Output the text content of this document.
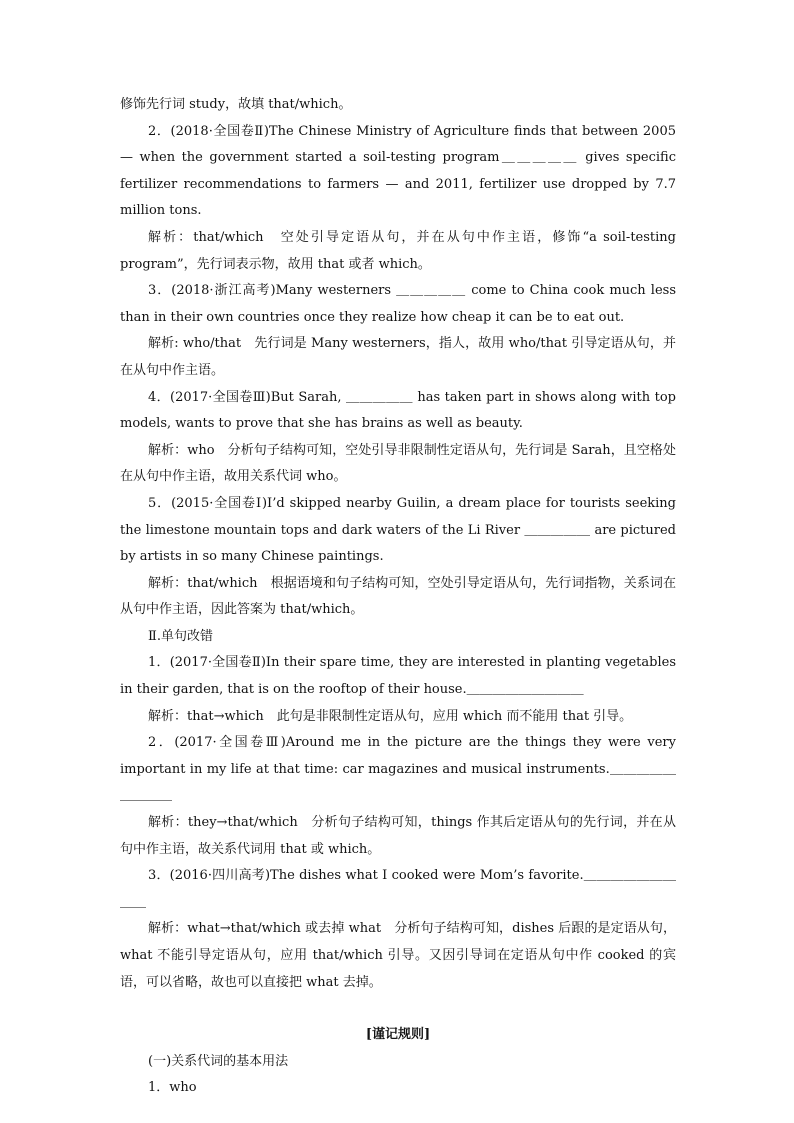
修饰先行词 study，故填 that/which。

2．(2018·全国卷Ⅱ)The Chinese Ministry of Agriculture finds that between 2005 — when the government started a soil-testing program＿＿＿＿＿ gives specific fertilizer recommendations to farmers — and 2011, fertilizer use dropped by 7.7 million tons.

解析：that/which　空处引导定语从句，并在从句中作主语，修饰“a soil-testing program”，先行词表示物，故用 that 或者 which。

3．(2018·浙江高考)Many westerners ＿＿＿＿＿ come to China cook much less than in their own countries once they realize how cheap it can be to eat out.

解析: who/that　先行词是 Many westerners，指人，故用 who/that 引导定语从句，并在从句中作主语。

4．(2017·全国卷Ⅲ)But Sarah, ＿＿＿＿＿ has taken part in shows along with top models, wants to prove that she has brains as well as beauty.

解析：who　分析句子结构可知，空处引导非限制性定语从句，先行词是 Sarah，且空格处在从句中作主语，故用关系代词 who。

5．(2015·全国卷Ⅰ)I’d skipped nearby Guilin, a dream place for tourists seeking the limestone mountain tops and dark waters of the Li River ＿＿＿＿＿ are pictured by artists in so many Chinese paintings.

解析：that/which　根据语境和句子结构可知，空处引导定语从句，先行词指物，关系词在从句中作主语，因此答案为 that/which。

Ⅱ.单句改错

1．(2017·全国卷Ⅱ)In their spare time, they are interested in planting vegetables in their garden, that is on the rooftop of their house.＿＿＿＿＿＿＿＿＿

解析：that→which　此句是非限制性定语从句，应用 which 而不能用 that 引导。

2．(2017·全国卷Ⅲ)Around me in the picture are the things they were very important in my life at that time: car magazines and musical instruments.＿＿＿＿＿＿＿＿＿

解析：they→that/which　分析句子结构可知，things 作其后定语从句的先行词，并在从句中作主语，故关系代词用 that 或 which。

3．(2016·四川高考)The dishes what I cooked were Mom’s favorite.＿＿＿＿＿＿＿＿＿

解析：what→that/which 或去掉 what　分析句子结构可知，dishes 后跟的是定语从句，what 不能引导定语从句，应用 that/which 引导。又因引导词在定语从句中作 cooked 的宾语，可以省略，故也可以直接把 what 去掉。

[谨记规则]

(一)关系代词的基本用法

1．who
